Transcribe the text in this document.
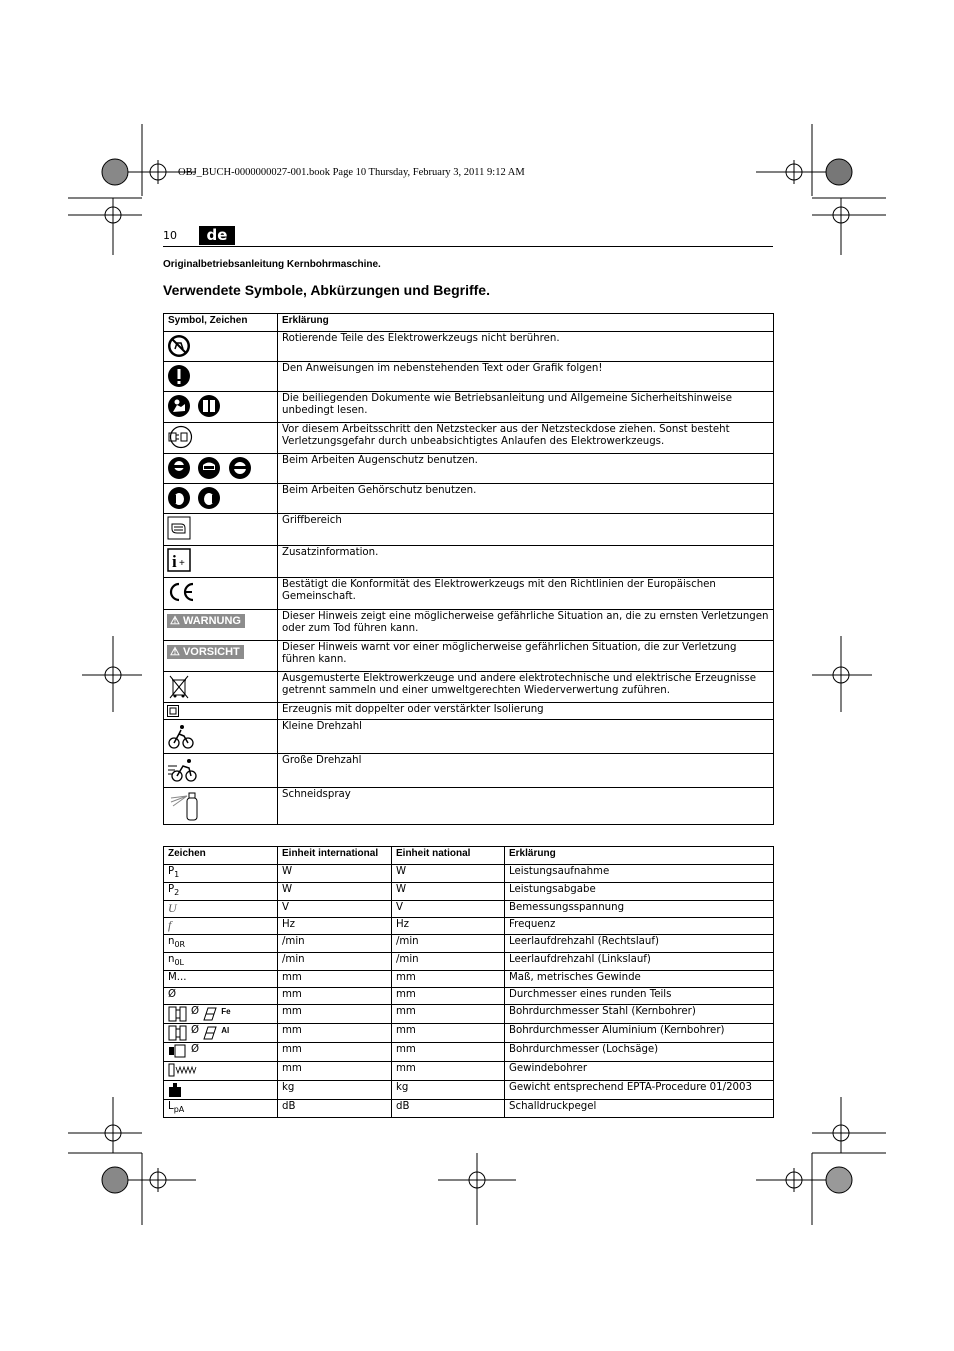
OBJ_BUCH-0000000027-001.book Page 10 Thursday, February 3, 2011 9:12 AM
10	de
Originalbetriebsanleitung Kernbohrmaschine.
Verwendete Symbole, Abkürzungen und Begriffe.
Symbol, Zeichen	Erklärung
	Rotierende Teile des Elektrowerkzeugs nicht berühren.
	Den Anweisungen im nebenstehenden Text oder Grafik folgen!
	Die beiliegenden Dokumente wie Betriebsanleitung und Allgemeine Sicherheitshinweise unbedingt lesen.
	Vor diesem Arbeitsschritt den Netzstecker aus der Netzsteckdose ziehen. Sonst besteht Verletzungsgefahr durch unbeabsichtigtes Anlaufen des Elektrowerkzeugs.
	Beim Arbeiten Augenschutz benutzen.
	Beim Arbeiten Gehörschutz benutzen.
	Griffbereich

i +	Zusatzinformation.
	Bestätigt die Konformität des Elektrowerkzeugs mit den Richtlinien der Europäischen Gemeinschaft.
⚠ WARNUNG	Dieser Hinweis zeigt eine möglicherweise gefährliche Situation an, die zu ernsten Verletzungen oder zum Tod führen kann.
⚠ VORSICHT	Dieser Hinweis warnt vor einer möglicherweise gefährlichen Situation, die zur Verletzung führen kann.
	Ausgemusterte Elektrowerkzeuge und andere elektrotechnische und elektrische Erzeugnisse getrennt sammeln und einer umweltgerechten Wiederverwertung zuführen.
	Erzeugnis mit doppelter oder verstärkter Isolierung
	Kleine Drehzahl
	Große Drehzahl
	Schneidspray
Zeichen	Einheit international	Einheit national	Erklärung
$P_1$	W	W	Leistungsaufnahme
$P_2$	W	W	Leistungsabgabe
U	V	V	Bemessungsspannung
f	Hz	Hz	Frequenz
$n_{0R}$	/min	/min	Leerlaufdrehzahl (Rechtslauf)
$n_{0L}$	/min	/min	Leerlaufdrehzahl (Linkslauf)
M...	mm	mm	Maß, metrisches Gewinde
Ø	mm	mm	Durchmesser eines runden Teils
Ø Fe	mm	mm	Bohrdurchmesser Stahl (Kernbohrer)
Ø Al	mm	mm	Bohrdurchmesser Aluminium (Kernbohrer)
Ø	mm	mm	Bohrdurchmesser (Lochsäge)
	mm	mm	Gewindebohrer
	kg	kg	Gewicht entsprechend EPTA-Procedure 01/2003
$L_{pA}$	dB	dB	Schalldruckpegel
